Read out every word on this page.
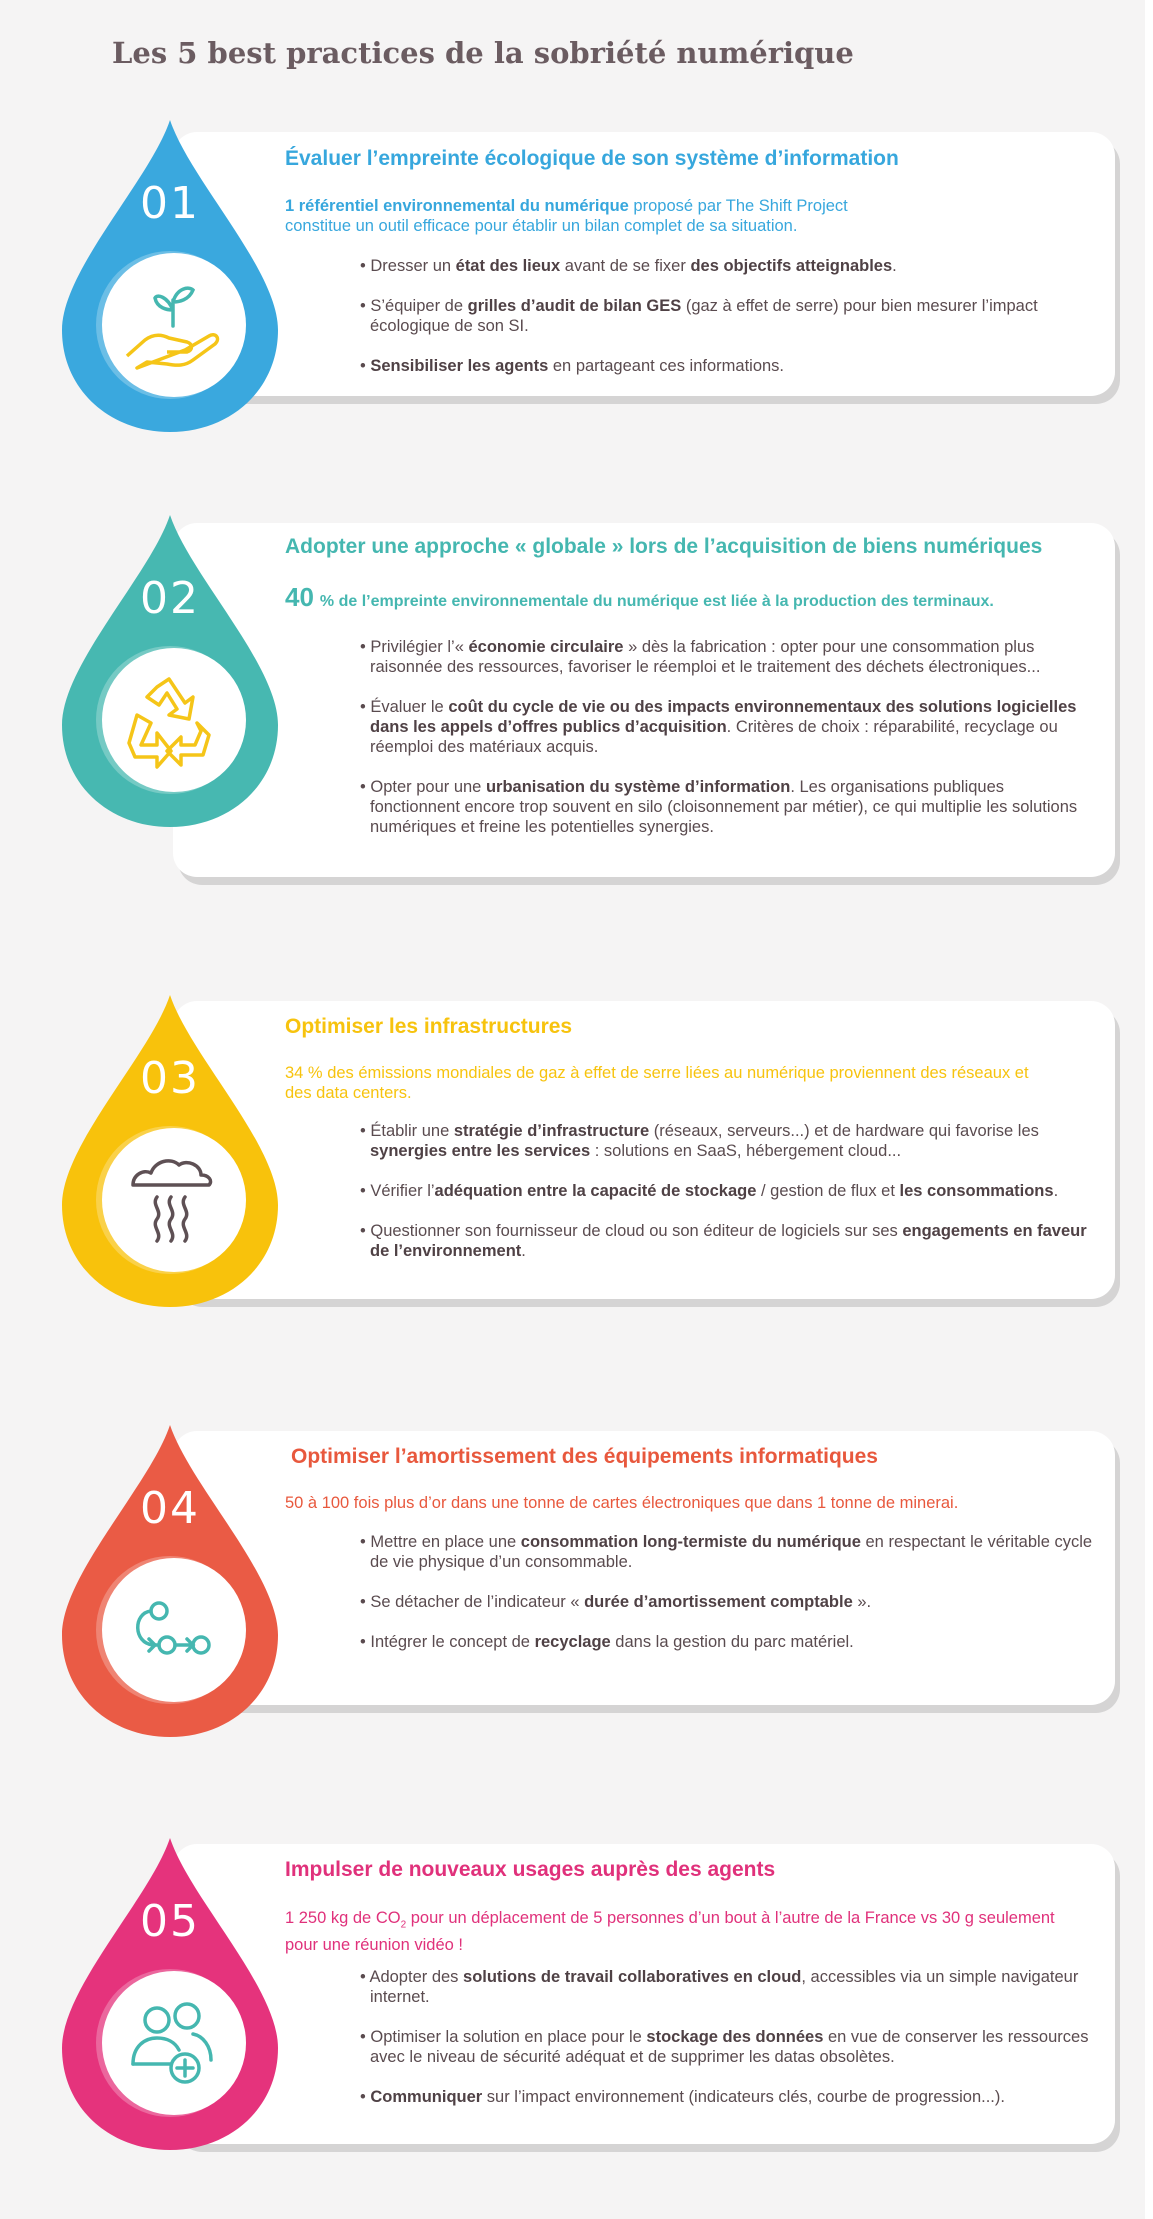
Les 5 best practices de la sobriété numérique
01
Évaluer l’empreinte écologique de son système d’information
1 référentiel environnemental du numérique proposé par The Shift Project
constitue un outil efficace pour établir un bilan complet de sa situation.
• Dresser un état des lieux avant de se fixer des objectifs atteignables.
• S’équiper de grilles d’audit de bilan GES (gaz à effet de serre) pour bien mesurer l’impact écologique de son SI.
• Sensibiliser les agents en partageant ces informations.
02
Adopter une approche « globale » lors de l’acquisition de biens numériques
40 % de l’empreinte environnementale du numérique est liée à la production des terminaux.
• Privilégier l’« économie circulaire » dès la fabrication : opter pour une consommation plus raisonnée des ressources, favoriser le réemploi et le traitement des déchets électroniques...
• Évaluer le coût du cycle de vie ou des impacts environnementaux des solutions logicielles dans les appels d’offres publics d’acquisition. Critères de choix : réparabilité, recyclage ou réemploi des matériaux acquis.
• Opter pour une urbanisation du système d’information. Les organisations publiques fonctionnent encore trop souvent en silo (cloisonnement par métier), ce qui multiplie les solutions numériques et freine les potentielles synergies.
03
Optimiser les infrastructures
34 % des émissions mondiales de gaz à effet de serre liées au numérique proviennent des réseaux et des data centers.
• Établir une stratégie d’infrastructure (réseaux, serveurs...) et de hardware qui favorise les synergies entre les services : solutions en SaaS, hébergement cloud...
• Vérifier l’adéquation entre la capacité de stockage / gestion de flux et les consommations.
• Questionner son fournisseur de cloud ou son éditeur de logiciels sur ses engagements en faveur de l’environnement.
04
Optimiser l’amortissement des équipements informatiques
50 à 100 fois plus d’or dans une tonne de cartes électroniques que dans 1 tonne de minerai.
• Mettre en place une consommation long-termiste du numérique en respectant le véritable cycle de vie physique d’un consommable.
• Se détacher de l’indicateur « durée d’amortissement comptable ».
• Intégrer le concept de recyclage dans la gestion du parc matériel.
05
Impulser de nouveaux usages auprès des agents
1 250 kg de $CO_2$ pour un déplacement de 5 personnes d’un bout à l’autre de la France vs 30 g seulement pour une réunion vidéo !
• Adopter des solutions de travail collaboratives en cloud, accessibles via un simple navigateur internet.
• Optimiser la solution en place pour le stockage des données en vue de conserver les ressources avec le niveau de sécurité adéquat et de supprimer les datas obsolètes.
• Communiquer sur l’impact environnement (indicateurs clés, courbe de progression...).
